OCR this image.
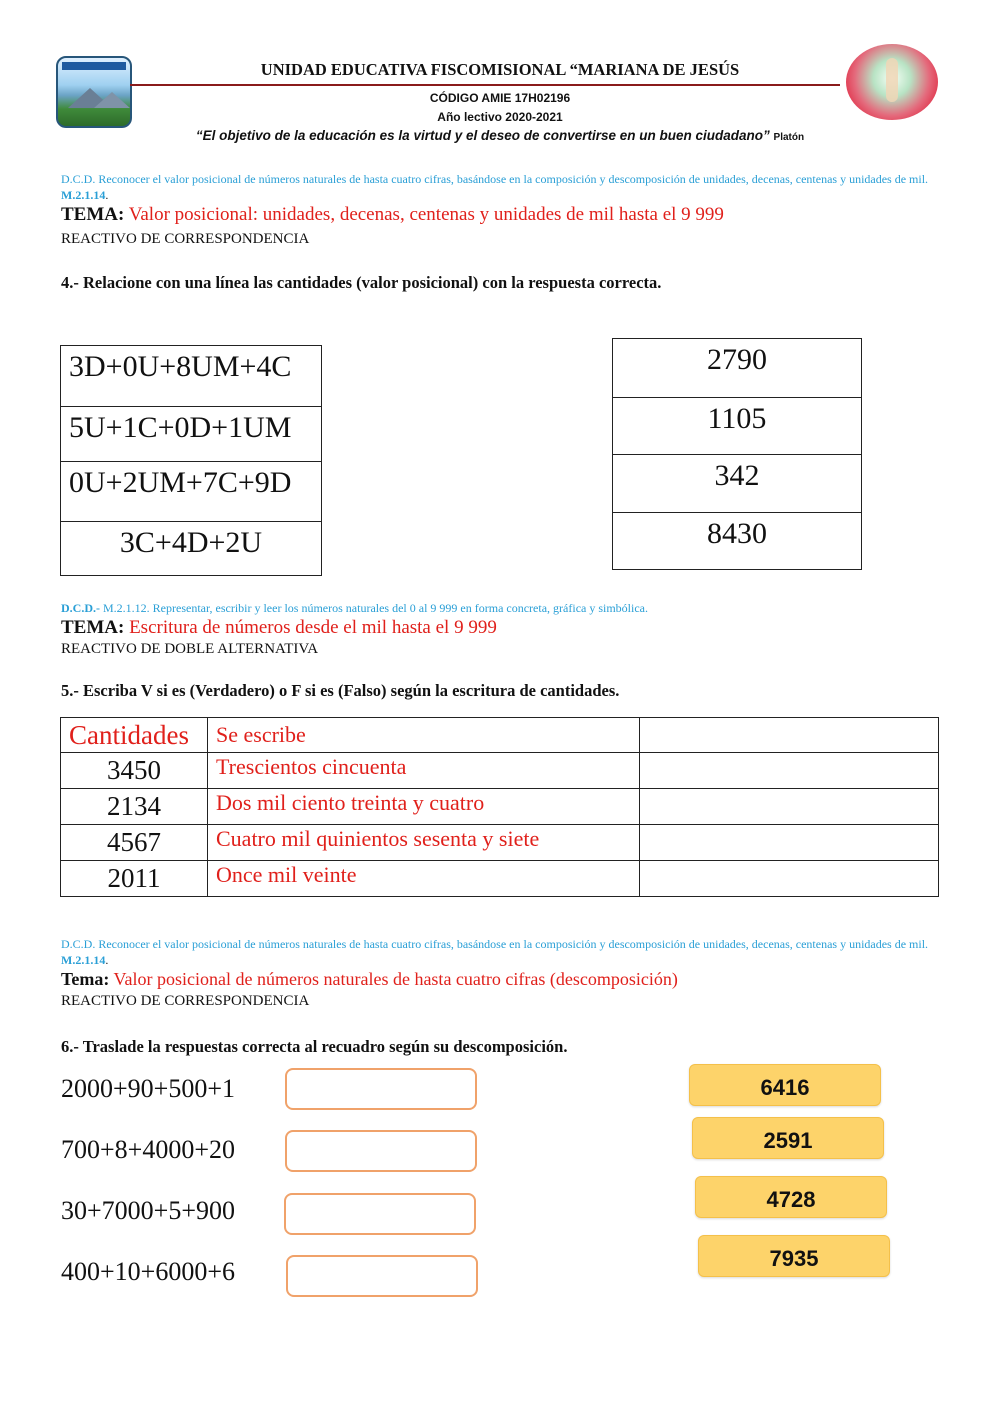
UNIDAD EDUCATIVA FISCOMISIONAL “MARIANA DE JESÚS
CÓDIGO AMIE 17H02196
Año lectivo 2020-2021
“El objetivo de la educación es la virtud y el deseo de convertirse en un buen ciudadano” Platón
D.C.D. Reconocer el valor posicional de números naturales de hasta cuatro cifras, basándose en la composición y descomposición de unidades, decenas, centenas y unidades de mil. M.2.1.14.
TEMA: Valor posicional: unidades, decenas, centenas y unidades de mil hasta el 9 999
REACTIVO DE CORRESPONDENCIA
4.- Relacione con una línea las cantidades (valor posicional) con la respuesta correcta.
3D+0U+8UM+4C
5U+1C+0D+1UM
0U+2UM+7C+9D
3C+4D+2U
2790
1105
342
8430
D.C.D.- M.2.1.12. Representar, escribir y leer los números naturales del 0 al 9 999 en forma concreta, gráfica y simbólica.
TEMA: Escritura de números desde el mil hasta el 9 999
REACTIVO DE DOBLE ALTERNATIVA
5.- Escriba V si es (Verdadero) o F si es (Falso) según la escritura de cantidades.
Cantidades	Se escribe	
3450	Trescientos cincuenta	
2134	Dos mil ciento treinta y cuatro	
4567	Cuatro mil quinientos sesenta y siete	
2011	Once mil veinte	
D.C.D. Reconocer el valor posicional de números naturales de hasta cuatro cifras, basándose en la composición y descomposición de unidades, decenas, centenas y unidades de mil. M.2.1.14.
Tema: Valor posicional de números naturales de hasta cuatro cifras (descomposición)
REACTIVO DE CORRESPONDENCIA
6.- Traslade la respuestas correcta al recuadro según su descomposición.
2000+90+500+1
700+8+4000+20
30+7000+5+900
400+10+6000+6
6416
2591
4728
7935
